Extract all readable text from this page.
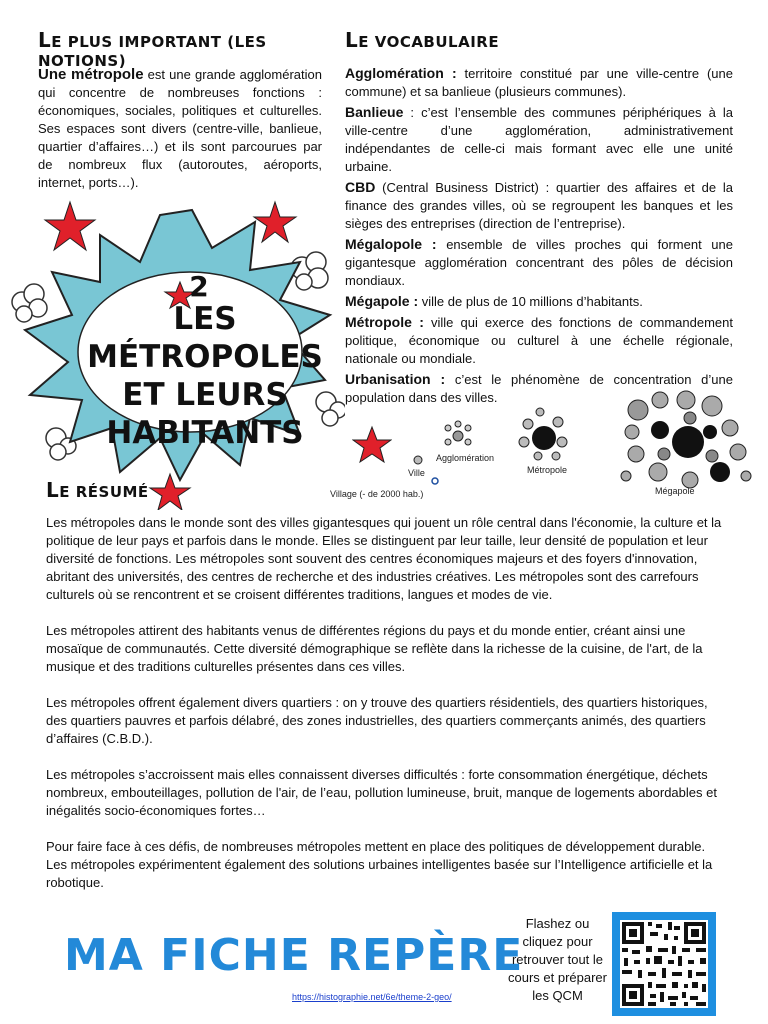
LE PLUS IMPORTANT (LES NOTIONS)
Une métropole est une grande agglomération qui concentre de nombreuses fonctions : économiques, sociales, politiques et culturelles. Ses espaces sont divers (centre-ville, banlieue, quartier d’affaires…) et ils sont parcourues par de nombreux flux (autoroutes, aéroports, internet, ports…).
LE VOCABULAIRE

Agglomération : territoire constitué par une ville-centre (une commune) et sa banlieue (plusieurs communes).

Banlieue : c’est l’ensemble des communes périphériques à la ville-centre d’une agglomération, administrativement indépendantes de celle-ci mais formant avec elle une unité urbaine.

CBD (Central Business District) : quartier des affaires et de la finance des grandes villes, où se regroupent les banques et les sièges des entreprises (direction de l’entreprise).

Mégalopole : ensemble de villes proches qui forment une gigantesque agglomération concentrant des pôles de décision mondiaux.

Mégapole : ville de plus de 10 millions d’habitants.

Métropole : ville qui exerce des fonctions de commandement politique, économique ou culturel à une échelle régionale, nationale ou mondiale.

Urbanisation : c’est le phénomène de concentration d’une population dans des villes.

2
LES MÉTROPOLES
ET LEURS
HABITANTS
Village (- de 2000 hab.)
Ville
Agglomération
Métropole
Mégapole
LE RÉSUMÉ

Les métropoles dans le monde sont des villes gigantesques qui jouent un rôle central dans l'économie, la culture et la politique de leur pays et parfois dans le monde. Elles se distinguent par leur taille, leur densité de population et leur diversité de fonctions. Les métropoles sont souvent des centres économiques majeurs et des foyers d'innovation, abritant des universités, des centres de recherche et des industries créatives. Les métropoles sont des carrefours culturels où se rencontrent et se croisent différentes traditions, langues et modes de vie.

Les métropoles attirent des habitants venus de différentes régions du pays et du monde entier, créant ainsi une mosaïque de communautés. Cette diversité démographique se reflète dans la richesse de la cuisine, de l'art, de la musique et des traditions culturelles présentes dans ces villes.

Les métropoles offrent également divers quartiers : on y trouve des quartiers résidentiels, des quartiers historiques, des quartiers pauvres et parfois délabré, des zones industrielles, des quartiers commerçants animés, des quartiers d’affaires (C.B.D.).

Les métropoles s’accroissent mais elles connaissent diverses difficultés : forte consommation énergétique, déchets nombreux, embouteillages, pollution de l'air, de l’eau, pollution lumineuse, bruit, manque de logements abordables et inégalités socio-économiques fortes…

Pour faire face à ces défis, de nombreuses métropoles mettent en place des politiques de développement durable. Les métropoles expérimentent également des solutions urbaines intelligentes basée sur l’Intelligence artificielle et la robotique.

MA FICHE REPÈRE
https://histographie.net/6e/theme-2-geo/
Flashez ou cliquez pour retrouver tout le cours et préparer les QCM
